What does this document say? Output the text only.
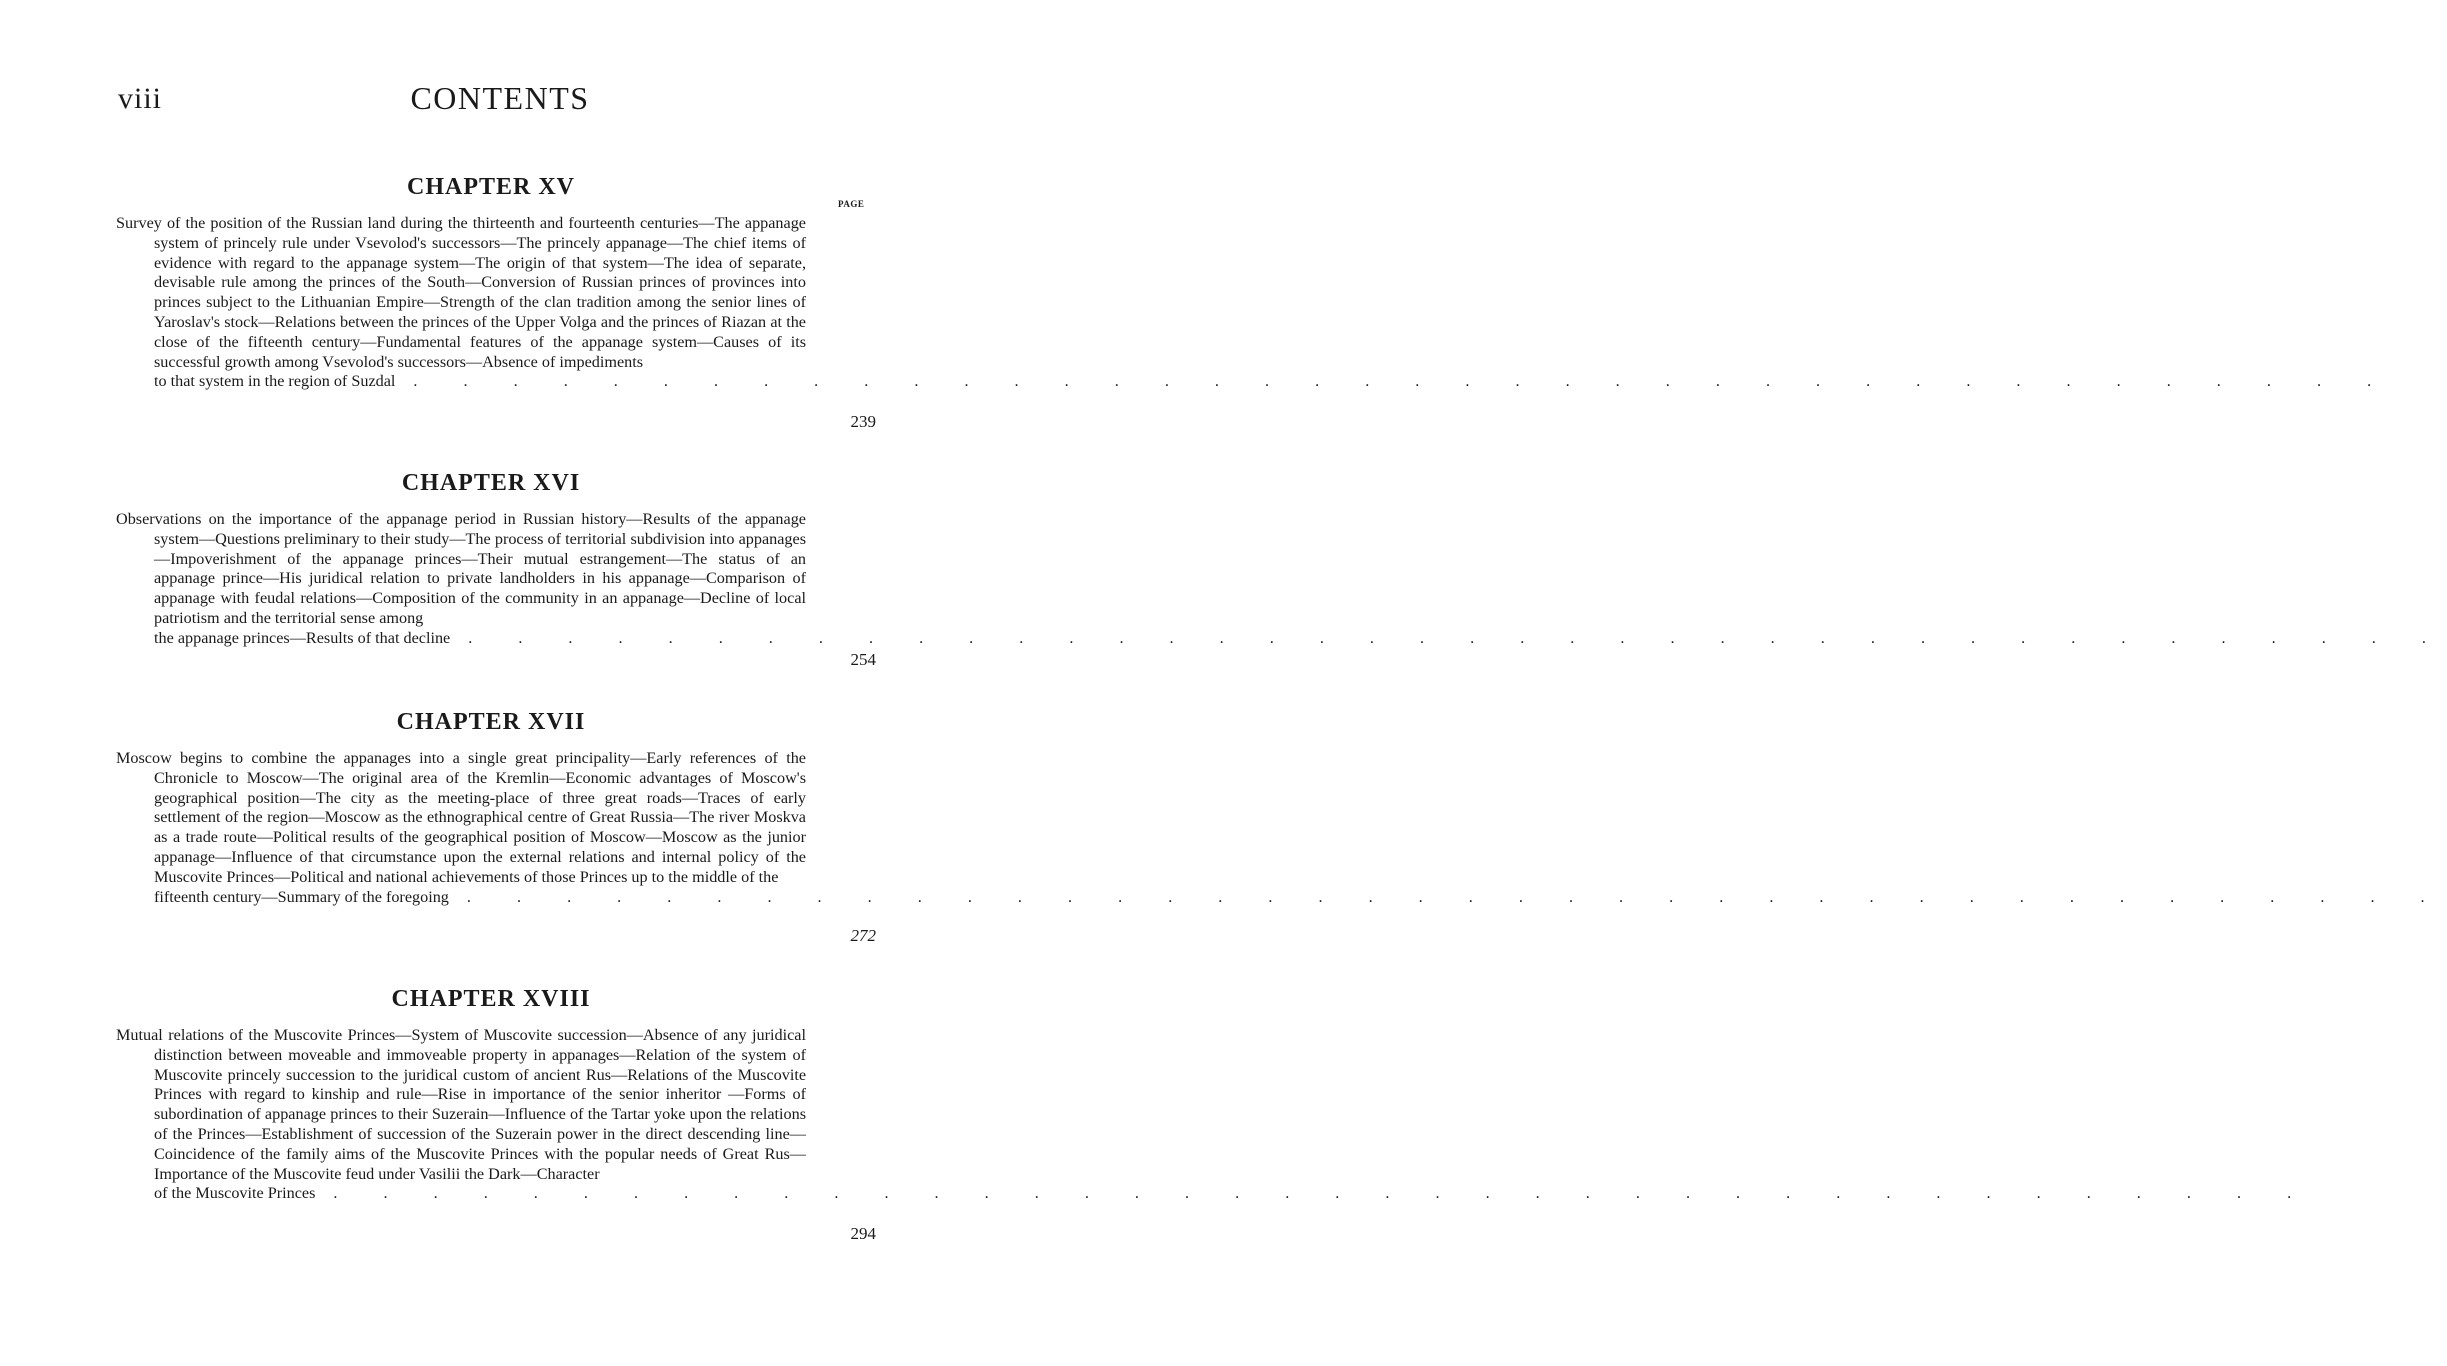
viii	CONTENTS
PAGE
CHAPTER XV
Survey of the position of the Russian land during the thirteenth and fourteenth centuries—The appanage system of princely rule under Vsevolod's successors—The princely appanage—The chief items of evidence with regard to the appanage system—The origin of that system—The idea of separate, devisable rule among the princes of the South—Conversion of Russian princes of provinces into princes subject to the Lithuanian Empire—Strength of the clan tradition among the senior lines of Yaroslav's stock—Relations between the princes of the Upper Volga and the princes of Riazan at the close of the fifteenth century—Fundamental features of the appanage system—Causes of its successful growth among Vsevolod's successors—Absence of impediments
to that system in the region of Suzdal	. . . . . . . . . . . . . . . . . . . . . . . . . . . . . . . . . . . . . . . .
239
CHAPTER XVI
Observations on the importance of the appanage period in Russian history—Results of the appanage system—Questions preliminary to their study—The process of territorial subdivision into appanages—Impoverishment of the appanage princes—Their mutual estrangement—The status of an appanage prince—His juridical relation to private landholders in his appanage—Comparison of appanage with feudal relations—Composition of the community in an appanage—Decline of local patriotism and the territorial sense among
the appanage princes—Results of that decline	. . . . . . . . . . . . . . . . . . . . . . . . . . . . . . . . . . . . . . . .
254
CHAPTER XVII
Moscow begins to combine the appanages into a single great principality—Early references of the Chronicle to Moscow—The original area of the Kremlin—Economic advantages of Moscow's geographical position—The city as the meeting-place of three great roads—Traces of early settlement of the region—Moscow as the ethnographical centre of Great Russia—The river Moskva as a trade route—Political results of the geographical position of Moscow—Moscow as the junior appanage—Influence of that circumstance upon the external relations and internal policy of the Muscovite Princes—Political and national achievements of those Princes up to the middle of the
fifteenth century—Summary of the foregoing	. . . . . . . . . . . . . . . . . . . . . . . . . . . . . . . . . . . . . . . .
272
CHAPTER XVIII
Mutual relations of the Muscovite Princes—System of Muscovite succession—Absence of any juridical distinction between moveable and immoveable property in appanages—Relation of the system of Muscovite princely succession to the juridical custom of ancient Rus—Relations of the Muscovite Princes with regard to kinship and rule—Rise in importance of the senior inheritor —Forms of subordination of appanage princes to their Suzerain—Influence of the Tartar yoke upon the relations of the Princes—Establishment of succession of the Suzerain power in the direct descending line—Coincidence of the family aims of the Muscovite Princes with the popular needs of Great Rus—Importance of the Muscovite feud under Vasilii the Dark—Character
of the Muscovite Princes	. . . . . . . . . . . . . . . . . . . . . . . . . . . . . . . . . . . . . . . .
294
